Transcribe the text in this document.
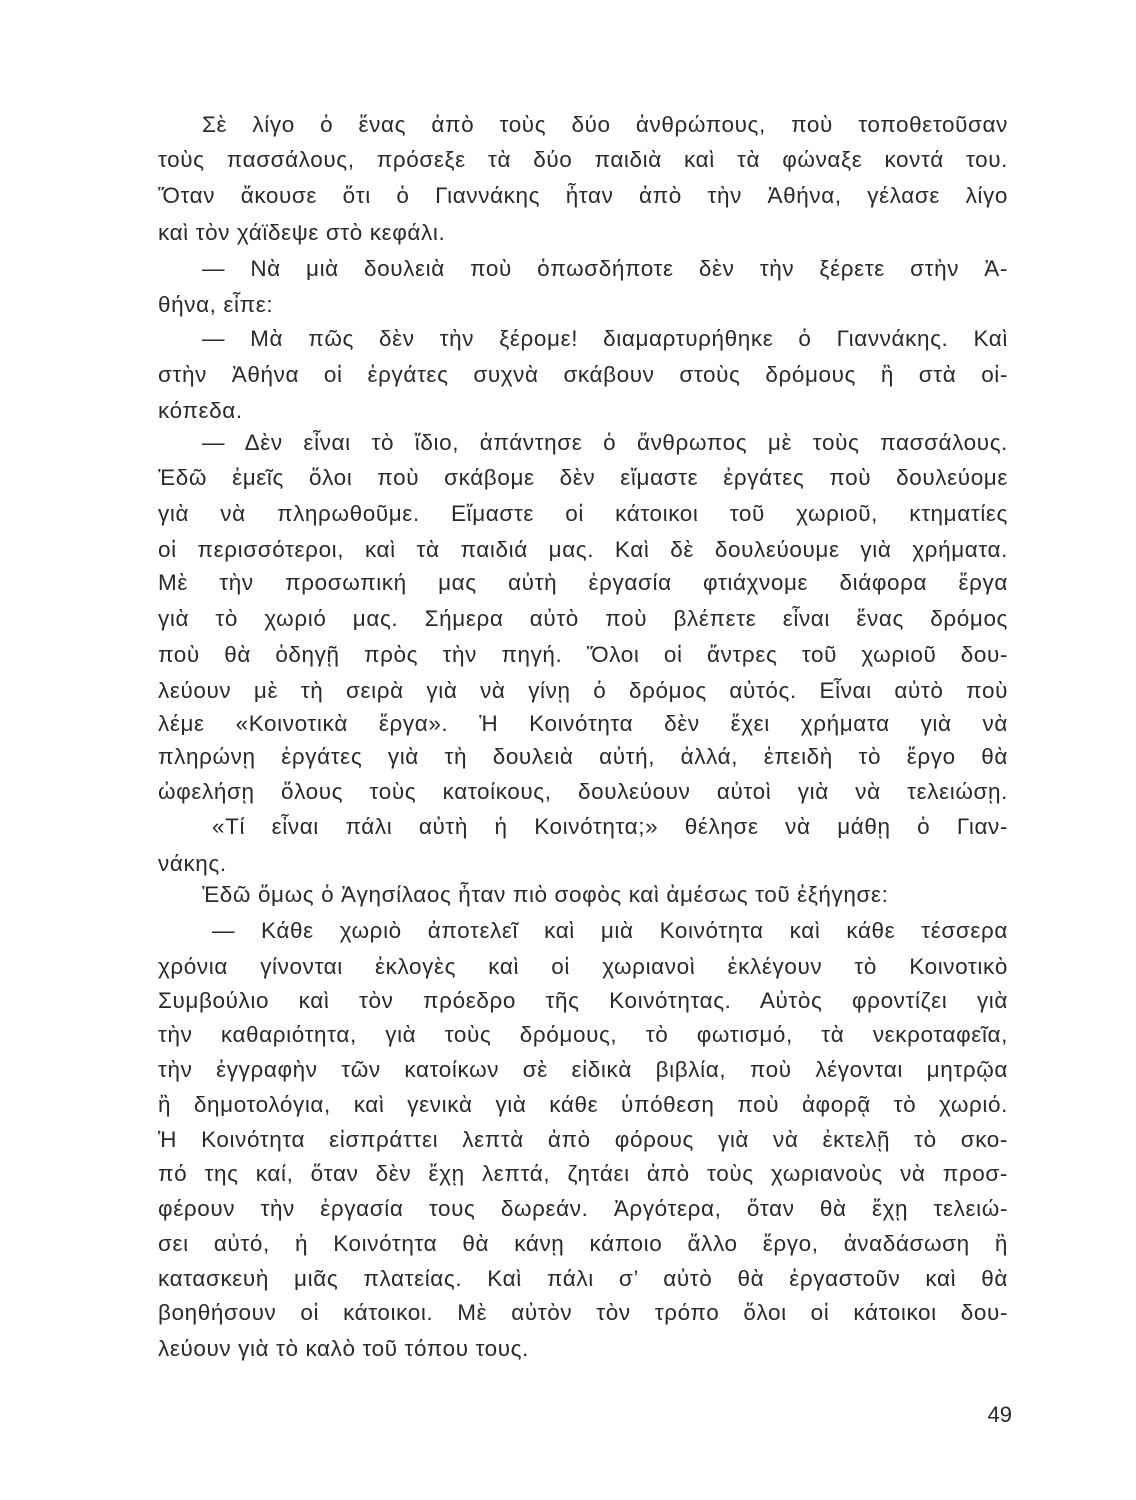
Σὲ λίγο ὁ ἕνας ἀπὸ τοὺς δύο ἀνθρώπους, ποὺ τοποθετοῦσαν
τοὺς πασσάλους, πρόσεξε τὰ δύο παιδιὰ καὶ τὰ φώναξε κοντά του.
Ὅταν ἄκουσε ὅτι ὁ Γιαννάκης ἦταν ἀπὸ τὴν Ἀθήνα, γέλασε λίγο
καὶ τὸν χάϊδεψε στὸ κεφάλι.
— Νὰ μιὰ δουλειὰ ποὺ ὁπωσδήποτε δὲν τὴν ξέρετε στὴν Ἀ-
θήνα, εἶπε:
— Μὰ πῶς δὲν τὴν ξέρομε! διαμαρτυρήθηκε ὁ Γιαννάκης. Καὶ
στὴν Ἀθήνα οἱ ἐργάτες συχνὰ σκάβουν στοὺς δρόμους ἢ στὰ οἰ-
κόπεδα.
— Δὲν εἶναι τὸ ἴδιο, ἀπάντησε ὁ ἄνθρωπος μὲ τοὺς πασσάλους.
Ἐδῶ ἐμεῖς ὅλοι ποὺ σκάβομε δὲν εἴμαστε ἐργάτες ποὺ δουλεύομε
γιὰ νὰ πληρωθοῦμε. Εἴμαστε οἱ κάτοικοι τοῦ χωριοῦ, κτηματίες
οἱ περισσότεροι, καὶ τὰ παιδιά μας. Καὶ δὲ δουλεύουμε γιὰ χρήματα.
Μὲ τὴν προσωπική μας αὐτὴ ἐργασία φτιάχνομε διάφορα ἔργα
γιὰ τὸ χωριό μας. Σήμερα αὐτὸ ποὺ βλέπετε εἶναι ἕνας δρόμος
ποὺ θὰ ὁδηγῇ πρὸς τὴν πηγή. Ὅλοι οἱ ἄντρες τοῦ χωριοῦ δου-
λεύουν μὲ τὴ σειρὰ γιὰ νὰ γίνῃ ὁ δρόμος αὐτός. Εἶναι αὐτὸ ποὺ
λέμε «Κοινοτικὰ ἔργα». Ἡ Κοινότητα δὲν ἔχει χρήματα γιὰ νὰ
πληρώνῃ ἐργάτες γιὰ τὴ δουλειὰ αὐτή, ἀλλά, ἐπειδὴ τὸ ἔργο θὰ
ὠφελήσῃ ὅλους τοὺς κατοίκους, δουλεύουν αὐτοὶ γιὰ νὰ τελειώσῃ.
«Τί εἶναι πάλι αὐτὴ ἡ Κοινότητα;» θέλησε νὰ μάθῃ ὁ Γιαν-
νάκης.
Ἐδῶ ὅμως ὁ Ἀγησίλαος ἦταν πιὸ σοφὸς καὶ ἀμέσως τοῦ ἐξήγησε:
— Κάθε χωριὸ ἀποτελεῖ καὶ μιὰ Κοινότητα καὶ κάθε τέσσερα
χρόνια γίνονται ἐκλογὲς καὶ οἱ χωριανοὶ ἐκλέγουν τὸ Κοινοτικὸ
Συμβούλιο καὶ τὸν πρόεδρο τῆς Κοινότητας. Αὐτὸς φροντίζει γιὰ
τὴν καθαριότητα, γιὰ τοὺς δρόμους, τὸ φωτισμό, τὰ νεκροταφεῖα,
τὴν ἐγγραφὴν τῶν κατοίκων σὲ εἰδικὰ βιβλία, ποὺ λέγονται μητρῷα
ἢ δημοτολόγια, καὶ γενικὰ γιὰ κάθε ὑπόθεση ποὺ ἀφορᾷ τὸ χωριό.
Ἡ Κοινότητα εἰσπράττει λεπτὰ ἀπὸ φόρους γιὰ νὰ ἐκτελῇ τὸ σκο-
πό της καί, ὅταν δὲν ἔχῃ λεπτά, ζητάει ἀπὸ τοὺς χωριανοὺς νὰ προσ-
φέρουν τὴν ἐργασία τους δωρεάν. Ἀργότερα, ὅταν θὰ ἔχῃ τελειώ-
σει αὐτό, ἡ Κοινότητα θὰ κάνῃ κάποιο ἄλλο ἔργο, ἀναδάσωση ἢ
κατασκευὴ μιᾶς πλατείας. Καὶ πάλι σ’ αὐτὸ θὰ ἐργαστοῦν καὶ θὰ
βοηθήσουν οἱ κάτοικοι. Μὲ αὐτὸν τὸν τρόπο ὅλοι οἱ κάτοικοι δου-
λεύουν γιὰ τὸ καλὸ τοῦ τόπου τους.
49
